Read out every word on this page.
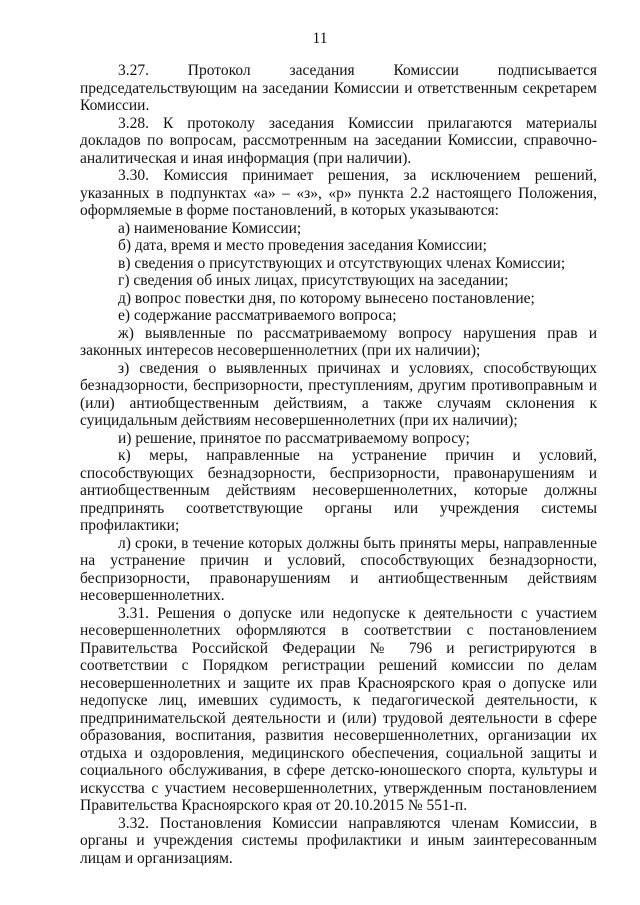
11

3.27. Протокол заседания Комиссии подписывается председательствующим на заседании Комиссии и ответственным секретарем Комиссии.

3.28. К протоколу заседания Комиссии прилагаются материалы докладов по вопросам, рассмотренным на заседании Комиссии, справочно-аналитическая и иная информация (при наличии).

3.30. Комиссия принимает решения, за исключением решений, указанных в подпунктах «а» – «з», «р» пункта 2.2 настоящего Положения, оформляемые в форме постановлений, в которых указываются:

а) наименование Комиссии;

б) дата, время и место проведения заседания Комиссии;

в) сведения о присутствующих и отсутствующих членах Комиссии;

г) сведения об иных лицах, присутствующих на заседании;

д) вопрос повестки дня, по которому вынесено постановление;

е) содержание рассматриваемого вопроса;

ж) выявленные по рассматриваемому вопросу нарушения прав и законных интересов несовершеннолетних (при их наличии);

з) сведения о выявленных причинах и условиях, способствующих безнадзорности, беспризорности, преступлениям, другим противоправным и (или) антиобщественным действиям, а также случаям склонения к суицидальным действиям несовершеннолетних (при их наличии);

и) решение, принятое по рассматриваемому вопросу;

к) меры, направленные на устранение причин и условий, способствующих безнадзорности, беспризорности, правонарушениям и антиобщественным действиям несовершеннолетних, которые должны предпринять соответствующие органы или учреждения системы профилактики;

л) сроки, в течение которых должны быть приняты меры, направленные на устранение причин и условий, способствующих безнадзорности, беспризорности, правонарушениям и антиобщественным действиям несовершеннолетних.

3.31. Решения о допуске или недопуске к деятельности с участием несовершеннолетних оформляются в соответствии с постановлением Правительства Российской Федерации № 796 и регистрируются в соответствии с Порядком регистрации решений комиссии по делам несовершеннолетних и защите их прав Красноярского края о допуске или недопуске лиц, имевших судимость, к педагогической деятельности, к предпринимательской деятельности и (или) трудовой деятельности в сфере образования, воспитания, развития несовершеннолетних, организации их отдыха и оздоровления, медицинского обеспечения, социальной защиты и социального обслуживания, в сфере детско-юношеского спорта, культуры и искусства с участием несовершеннолетних, утвержденным постановлением Правительства Красноярского края от 20.10.2015 № 551-п.

3.32. Постановления Комиссии направляются членам Комиссии, в органы и учреждения системы профилактики и иным заинтересованным лицам и организациям.
